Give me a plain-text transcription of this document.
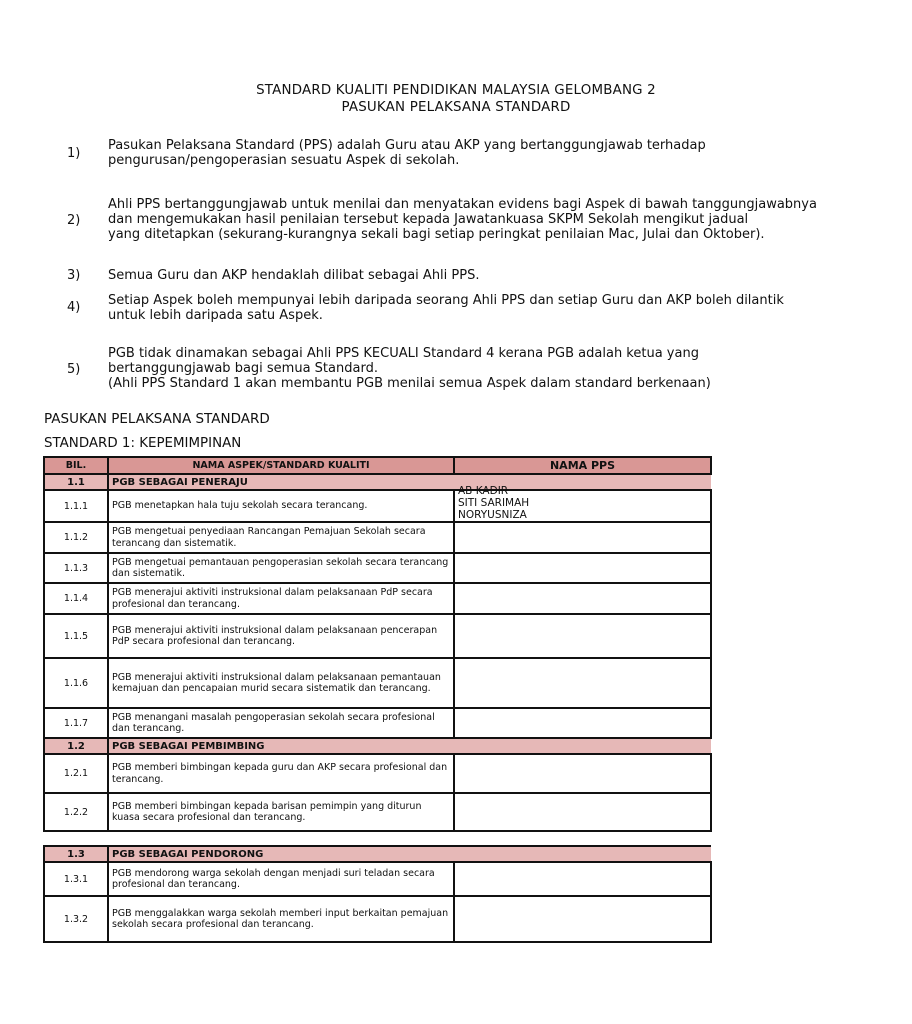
STANDARD KUALITI PENDIDIKAN MALAYSIA GELOMBANG 2
PASUKAN PELAKSANA STANDARD
1)
Pasukan Pelaksana Standard (PPS) adalah Guru atau AKP yang bertanggungjawab terhadap
pengurusan/pengoperasian sesuatu Aspek di sekolah.
2)
Ahli PPS bertanggungjawab untuk menilai dan menyatakan evidens bagi Aspek di bawah tanggungjawabnya
dan mengemukakan hasil penilaian tersebut kepada Jawatankuasa SKPM Sekolah mengikut jadual
yang ditetapkan (sekurang-kurangnya sekali bagi setiap peringkat penilaian Mac, Julai dan Oktober).
3) Semua Guru dan AKP hendaklah dilibat sebagai Ahli PPS.
4) Setiap Aspek boleh mempunyai lebih daripada seorang Ahli PPS dan setiap Guru dan AKP boleh dilantik
untuk lebih daripada satu Aspek.
5)
PGB tidak dinamakan sebagai Ahli PPS KECUALI Standard 4 kerana PGB adalah ketua yang
bertanggungjawab bagi semua Standard.
(Ahli PPS Standard 1 akan membantu PGB menilai semua Aspek dalam standard berkenaan)
PASUKAN PELAKSANA STANDARD
STANDARD 1: KEPEMIMPINAN
BIL.	NAMA ASPEK/STANDARD KUALITI	NAMA PPS
1.1	PGB SEBAGAI PENERAJU	
1.1.1	PGB menetapkan hala tuju sekolah secara terancang.	AB KADIR
SITI SARIMAH
NORYUSNIZA

1.1.2	PGB mengetuai penyediaan Rancangan Pemajuan Sekolah secara terancang dan sistematik.	
1.1.3	PGB mengetuai pemantauan pengoperasian sekolah secara terancang dan sistematik.	
1.1.4	PGB menerajui aktiviti instruksional dalam pelaksanaan PdP secara profesional dan terancang.	
1.1.5	PGB menerajui aktiviti instruksional dalam pelaksanaan pencerapan PdP secara profesional dan terancang.	
1.1.6	PGB menerajui aktiviti instruksional dalam pelaksanaan pemantauan kemajuan dan pencapaian murid secara sistematik dan terancang.	
1.1.7	PGB menangani masalah pengoperasian sekolah secara profesional dan terancang.	
1.2	PGB SEBAGAI PEMBIMBING	
1.2.1	PGB memberi bimbingan kepada guru dan AKP secara profesional dan terancang.	
1.2.2	PGB memberi bimbingan kepada barisan pemimpin yang diturun kuasa secara profesional dan terancang.	
1.3	PGB SEBAGAI PENDORONG	
1.3.1	PGB mendorong warga sekolah dengan menjadi suri teladan secara profesional dan terancang.	
1.3.2	PGB menggalakkan warga sekolah memberi input berkaitan pemajuan sekolah secara profesional dan terancang.	
